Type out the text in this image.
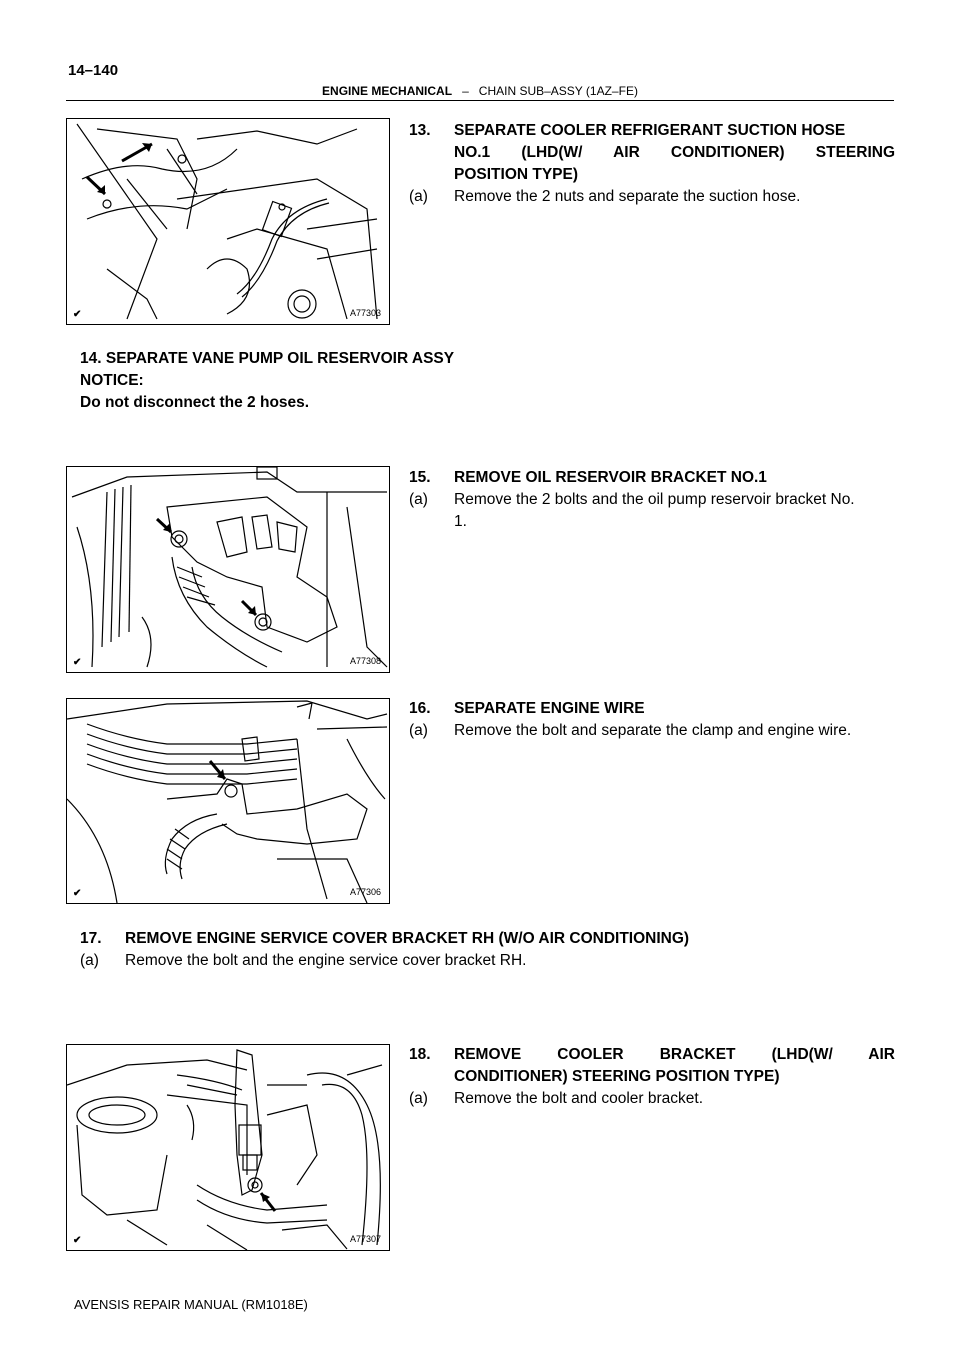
14–140
ENGINE MECHANICAL – CHAIN SUB–ASSY (1AZ–FE)
✔	A77303
13. SEPARATE COOLER REFRIGERANT SUCTION HOSE
NO.1 (LHD(W/ AIR CONDITIONER) STEERING
POSITION TYPE)
(a) Remove the 2 nuts and separate the suction hose.
14. SEPARATE VANE PUMP OIL RESERVOIR ASSY
NOTICE:
Do not disconnect the 2 hoses.
✔	A77308
15. REMOVE OIL RESERVOIR BRACKET NO.1
(a) Remove the 2 bolts and the oil pump reservoir bracket No.
1.
✔	A77306
16. SEPARATE ENGINE WIRE
(a) Remove the bolt and separate the clamp and engine wire.
17. REMOVE ENGINE SERVICE COVER BRACKET RH (W/O AIR CONDITIONING)
(a) Remove the bolt and the engine service cover bracket RH.
✔	A77307
18. REMOVE COOLER BRACKET (LHD(W/ AIR
CONDITIONER) STEERING POSITION TYPE)
(a) Remove the bolt and cooler bracket.
AVENSIS REPAIR MANUAL (RM1018E)
